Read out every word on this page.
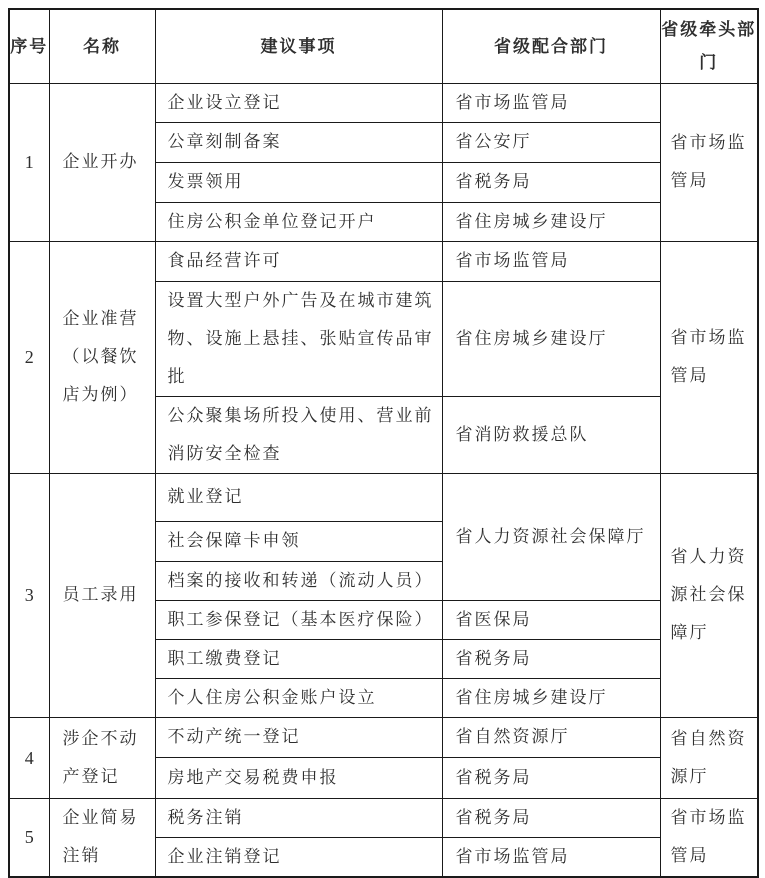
序号	名称	建议事项	省级配合部门	省级牵头部门
1	企业开办	企业设立登记	省市场监管局	省市场监管局
		公章刻制备案	省公安厅	
		发票领用	省税务局	
		住房公积金单位登记开户	省住房城乡建设厅	
2	企业准营（以餐饮店为例）	食品经营许可	省市场监管局	省市场监管局
		设置大型户外广告及在城市建筑物、设施上悬挂、张贴宣传品审批	省住房城乡建设厅	
		公众聚集场所投入使用、营业前消防安全检查	省消防救援总队	
3	员工录用	就业登记	省人力资源社会保障厅	省人力资源社会保障厅
		社会保障卡申领		
		档案的接收和转递（流动人员）		
		职工参保登记（基本医疗保险）	省医保局	
		职工缴费登记	省税务局	
		个人住房公积金账户设立	省住房城乡建设厅	
4	涉企不动产登记	不动产统一登记	省自然资源厅	省自然资源厅
		房地产交易税费申报	省税务局	
5	企业简易注销	税务注销	省税务局	省市场监管局
		企业注销登记	省市场监管局	
